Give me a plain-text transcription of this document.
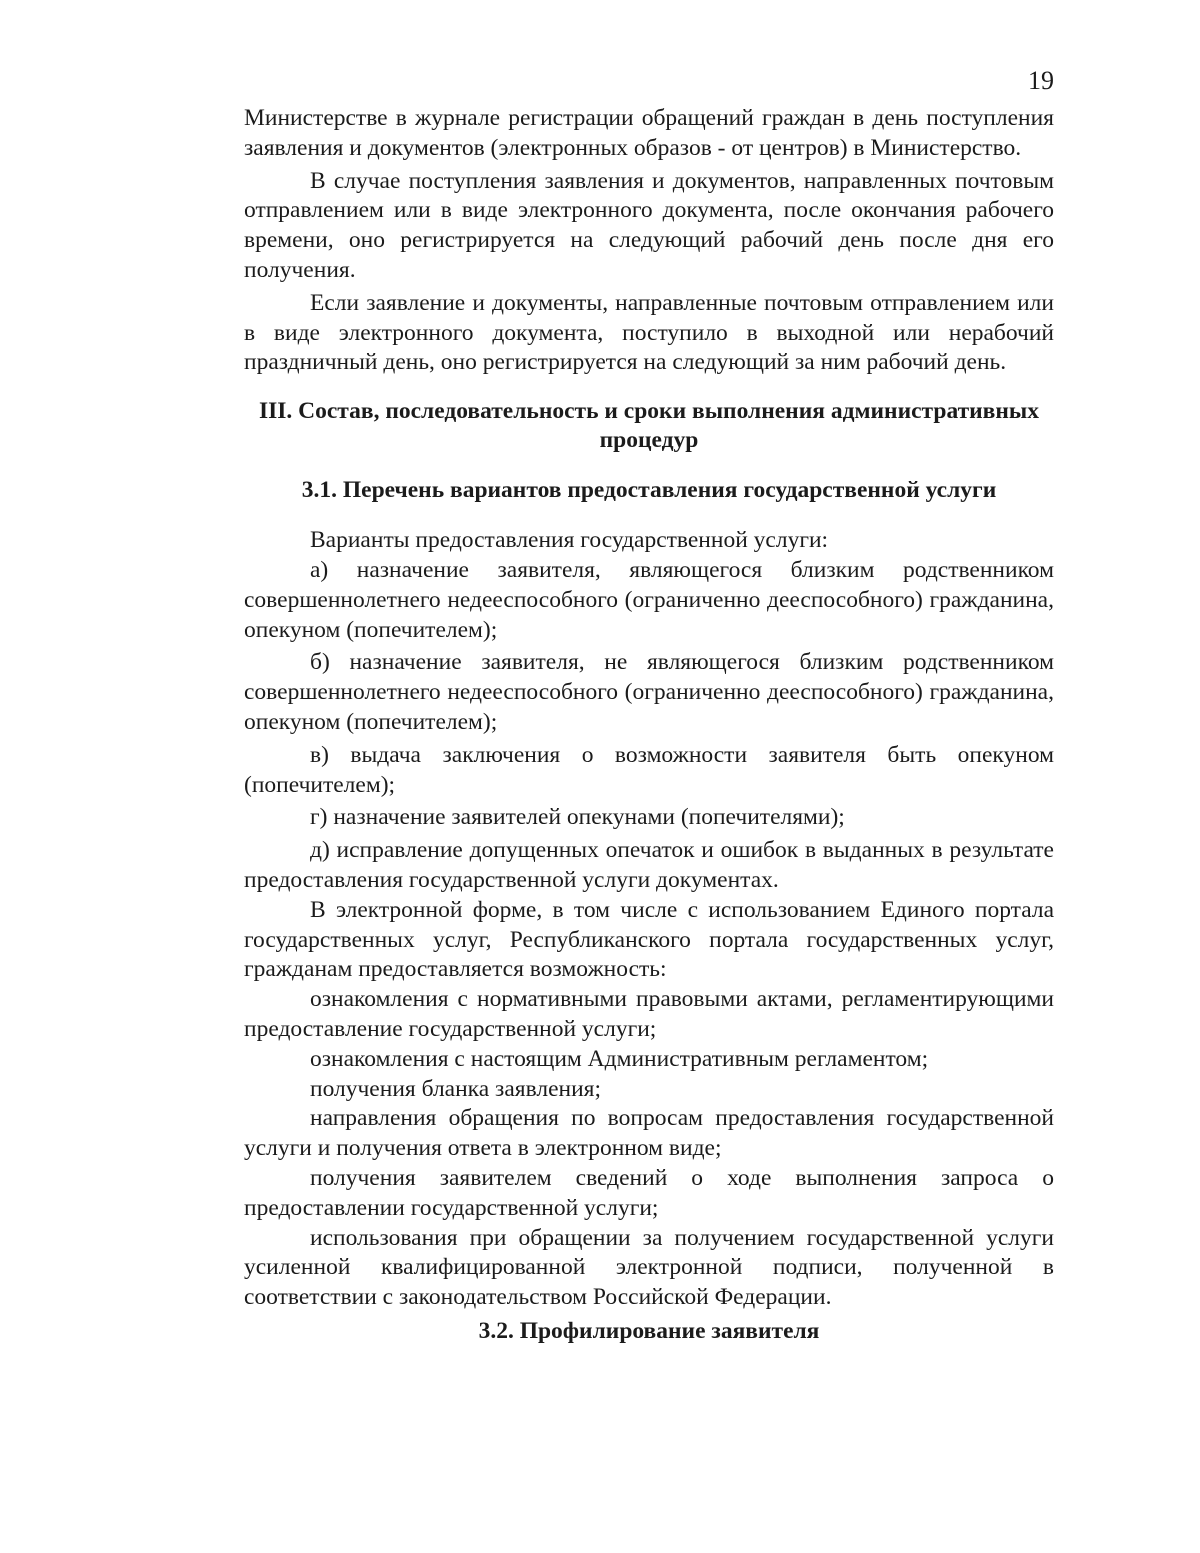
19

Министерстве в журнале регистрации обращений граждан в день поступления заявления и документов (электронных образов - от центров) в Министерство.

В случае поступления заявления и документов, направленных почтовым отправлением или в виде электронного документа, после окончания рабочего времени, оно регистрируется на следующий рабочий день после дня его получения.

Если заявление и документы, направленные почтовым отправлением или в виде электронного документа, поступило в выходной или нерабочий праздничный день, оно регистрируется на следующий за ним рабочий день.

III. Состав, последовательность и сроки выполнения административных процедур

3.1. Перечень вариантов предоставления государственной услуги

Варианты предоставления государственной услуги:

а) назначение заявителя, являющегося близким родственником совершеннолетнего недееспособного (ограниченно дееспособного) гражданина, опекуном (попечителем);

б) назначение заявителя, не являющегося близким родственником совершеннолетнего недееспособного (ограниченно дееспособного) гражданина, опекуном (попечителем);

в) выдача заключения о возможности заявителя быть опекуном (попечителем);

г) назначение заявителей опекунами (попечителями);

д) исправление допущенных опечаток и ошибок в выданных в результате предоставления государственной услуги документах.

В электронной форме, в том числе с использованием Единого портала государственных услуг, Республиканского портала государственных услуг, гражданам предоставляется возможность:

ознакомления с нормативными правовыми актами, регламентирующими предоставление государственной услуги;

ознакомления с настоящим Административным регламентом;

получения бланка заявления;

направления обращения по вопросам предоставления государственной услуги и получения ответа в электронном виде;

получения заявителем сведений о ходе выполнения запроса о предоставлении государственной услуги;

использования при обращении за получением государственной услуги усиленной квалифицированной электронной подписи, полученной в соответствии с законодательством Российской Федерации.

3.2. Профилирование заявителя
